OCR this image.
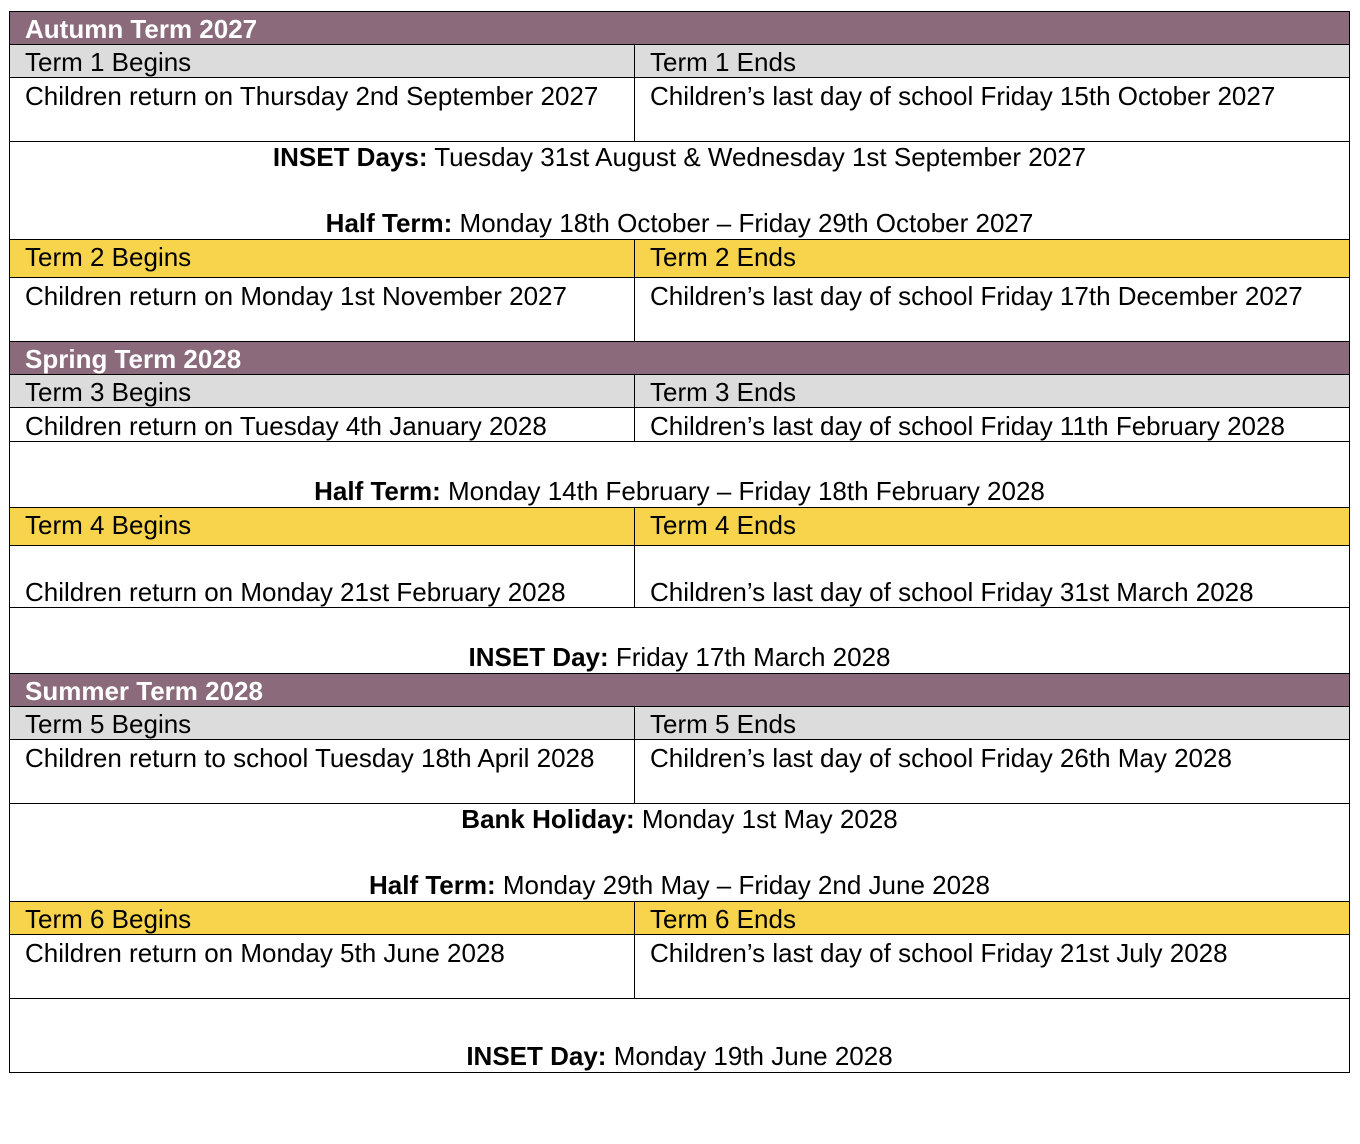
Autumn Term 2027	
Term 1 Begins	Term 1 Ends
Children return on Thursday 2nd September 2027	Children’s last day of school Friday 15th October 2027

INSET Days: Tuesday 31st August & Wednesday 1st September 2027
Half Term: Monday 18th October – Friday 29th October 2027	

Term 2 Begins	Term 2 Ends
Children return on Monday 1st November 2027	Children’s last day of school Friday 17th December 2027
Spring Term 2028	
Term 3 Begins	Term 3 Ends
Children return on Tuesday 4th January 2028	Children’s last day of school Friday 11th February 2028

Half Term: Monday 14th February – Friday 18th February 2028	

Term 4 Begins	Term 4 Ends
Children return on Monday 21st February 2028	Children’s last day of school Friday 31st March 2028

INSET Day: Friday 17th March 2028	

Summer Term 2028	
Term 5 Begins	Term 5 Ends
Children return to school Tuesday 18th April 2028	Children’s last day of school Friday 26th May 2028

Bank Holiday: Monday 1st May 2028
Half Term: Monday 29th May – Friday 2nd June 2028	

Term 6 Begins	Term 6 Ends
Children return on Monday 5th June 2028	Children’s last day of school Friday 21st July 2028

INSET Day: Monday 19th June 2028	
